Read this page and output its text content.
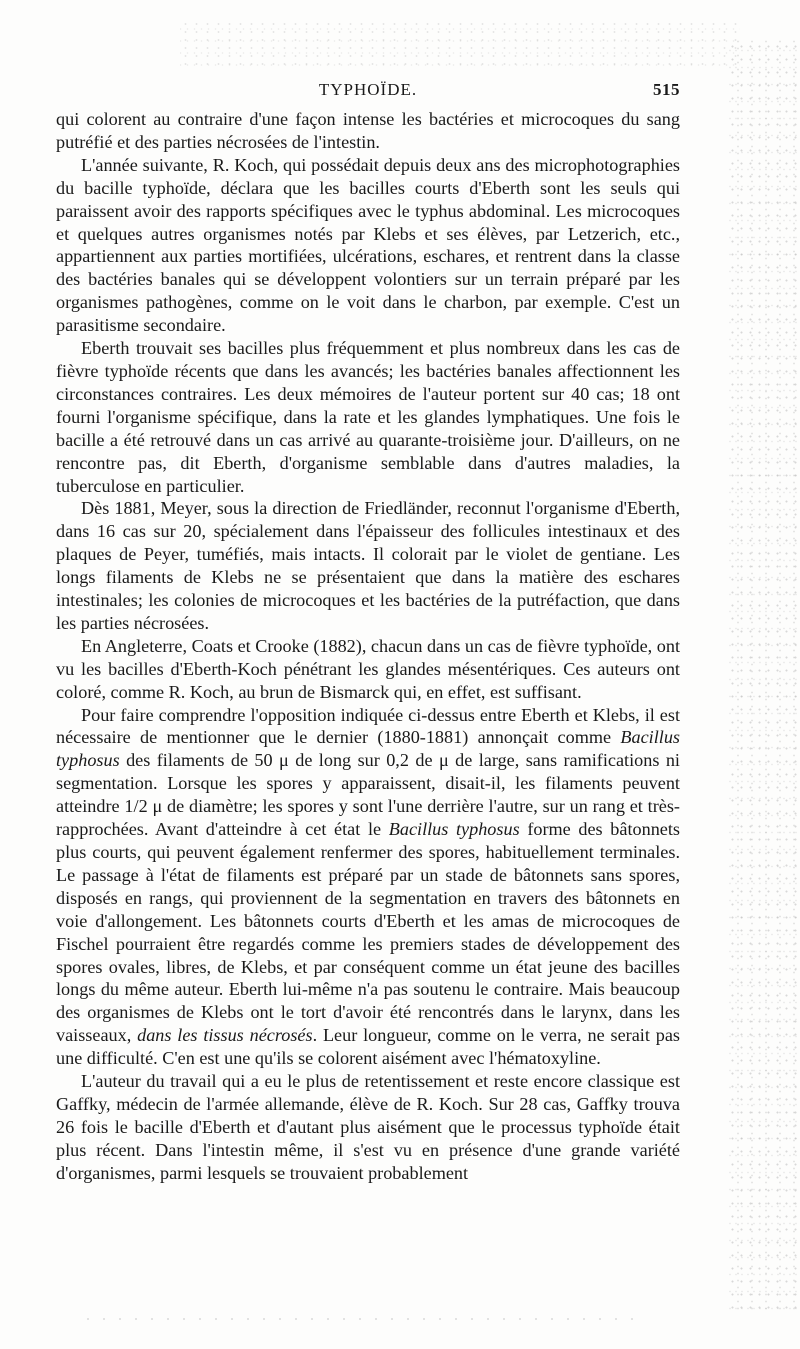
TYPHOÏDE.	515

qui colorent au contraire d'une façon intense les bactéries et microcoques du sang putréfié et des parties nécrosées de l'intestin.

L'année suivante, R. Koch, qui possédait depuis deux ans des microphotographies du bacille typhoïde, déclara que les bacilles courts d'Eberth sont les seuls qui paraissent avoir des rapports spécifiques avec le typhus abdominal. Les microcoques et quelques autres organismes notés par Klebs et ses élèves, par Letzerich, etc., appartiennent aux parties mortifiées, ulcérations, eschares, et rentrent dans la classe des bactéries banales qui se développent volontiers sur un terrain préparé par les organismes pathogènes, comme on le voit dans le charbon, par exemple. C'est un parasitisme secondaire.

Eberth trouvait ses bacilles plus fréquemment et plus nombreux dans les cas de fièvre typhoïde récents que dans les avancés; les bactéries banales affectionnent les circonstances contraires. Les deux mémoires de l'auteur portent sur 40 cas; 18 ont fourni l'organisme spécifique, dans la rate et les glandes lymphatiques. Une fois le bacille a été retrouvé dans un cas arrivé au quarante-troisième jour. D'ailleurs, on ne rencontre pas, dit Eberth, d'organisme semblable dans d'autres maladies, la tuberculose en particulier.

Dès 1881, Meyer, sous la direction de Friedländer, reconnut l'organisme d'Eberth, dans 16 cas sur 20, spécialement dans l'épaisseur des follicules intestinaux et des plaques de Peyer, tuméfiés, mais intacts. Il colorait par le violet de gentiane. Les longs filaments de Klebs ne se présentaient que dans la matière des eschares intestinales; les colonies de microcoques et les bactéries de la putréfaction, que dans les parties nécrosées.

En Angleterre, Coats et Crooke (1882), chacun dans un cas de fièvre typhoïde, ont vu les bacilles d'Eberth-Koch pénétrant les glandes mésentériques. Ces auteurs ont coloré, comme R. Koch, au brun de Bismarck qui, en effet, est suffisant.

Pour faire comprendre l'opposition indiquée ci-dessus entre Eberth et Klebs, il est nécessaire de mentionner que le dernier (1880-1881) annonçait comme Bacillus typhosus des filaments de 50 μ de long sur 0,2 de μ de large, sans ramifications ni segmentation. Lorsque les spores y apparaissent, disait-il, les filaments peuvent atteindre 1/2 μ de diamètre; les spores y sont l'une derrière l'autre, sur un rang et très-rapprochées. Avant d'atteindre à cet état le Bacillus typhosus forme des bâtonnets plus courts, qui peuvent également renfermer des spores, habituellement terminales. Le passage à l'état de filaments est préparé par un stade de bâtonnets sans spores, disposés en rangs, qui proviennent de la segmentation en travers des bâtonnets en voie d'allongement. Les bâtonnets courts d'Eberth et les amas de microcoques de Fischel pourraient être regardés comme les premiers stades de développement des spores ovales, libres, de Klebs, et par conséquent comme un état jeune des bacilles longs du même auteur. Eberth lui-même n'a pas soutenu le contraire. Mais beaucoup des organismes de Klebs ont le tort d'avoir été rencontrés dans le larynx, dans les vaisseaux, dans les tissus nécrosés. Leur longueur, comme on le verra, ne serait pas une difficulté. C'en est une qu'ils se colorent aisément avec l'hématoxyline.

L'auteur du travail qui a eu le plus de retentissement et reste encore classique est Gaffky, médecin de l'armée allemande, élève de R. Koch. Sur 28 cas, Gaffky trouva 26 fois le bacille d'Eberth et d'autant plus aisément que le processus typhoïde était plus récent. Dans l'intestin même, il s'est vu en présence d'une grande variété d'organismes, parmi lesquels se trouvaient probablement
